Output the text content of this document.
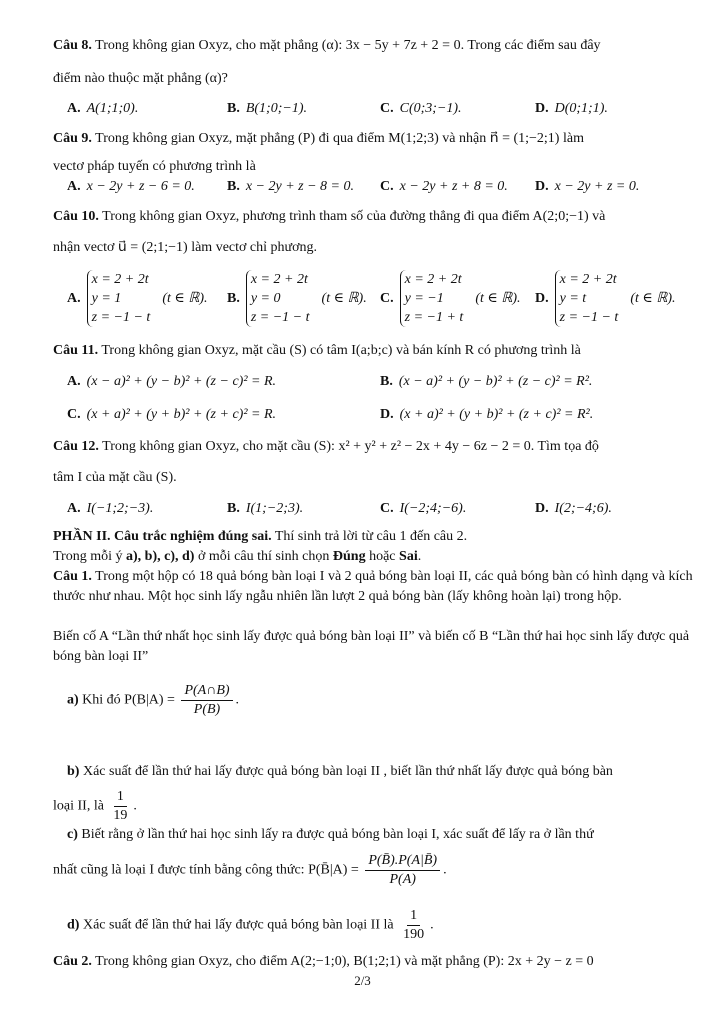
Câu 8. Trong không gian Oxyz, cho mặt phẳng (α): 3x − 5y + 7z + 2 = 0. Trong các điểm sau đây
điểm nào thuộc mặt phẳng (α)?
A. A(1;1;0).	B. B(1;0;−1).	C. C(0;3;−1).	D. D(0;1;1).
Câu 9. Trong không gian Oxyz, mặt phẳng (P) đi qua điểm M(1;2;3) và nhận n⃗ = (1;−2;1) làm
vectơ pháp tuyến có phương trình là
A. x − 2y + z − 6 = 0. B. x − 2y + z − 8 = 0. C. x − 2y + z + 8 = 0. D. x − 2y + z = 0.
Câu 10. Trong không gian Oxyz, phương trình tham số của đường thẳng đi qua điểm A(2;0;−1) và
nhận vectơ u⃗ = (2;1;−1) làm vectơ chỉ phương.
A.
x = 2 + 2t
y = 1
z = −1 − t
(t ∈ ℝ). B.
x = 2 + 2t
y = 0
z = −1 − t
(t ∈ ℝ). C.
x = 2 + 2t
y = −1
z = −1 + t
(t ∈ ℝ). D.
x = 2 + 2t
y = t
z = −1 − t
(t ∈ ℝ).
Câu 11. Trong không gian Oxyz, mặt cầu (S) có tâm I(a;b;c) và bán kính R có phương trình là
A. (x − a)² + (y − b)² + (z − c)² = R.	B. (x − a)² + (y − b)² + (z − c)² = R².
C. (x + a)² + (y + b)² + (z + c)² = R.	D. (x + a)² + (y + b)² + (z + c)² = R².
Câu 12. Trong không gian Oxyz, cho mặt cầu (S): x² + y² + z² − 2x + 4y − 6z − 2 = 0. Tìm tọa độ
tâm I của mặt cầu (S).
A. I(−1;2;−3).	B. I(1;−2;3).	C. I(−2;4;−6).	D. I(2;−4;6).
PHẦN II. Câu trắc nghiệm đúng sai. Thí sinh trả lời từ câu 1 đến câu 2.
Trong mỗi ý a), b), c), d) ở mỗi câu thí sinh chọn Đúng hoặc Sai.
Câu 1. Trong một hộp có 18 quả bóng bàn loại I và 2 quả bóng bàn loại II, các quả bóng bàn có hình dạng và kích thước như nhau. Một học sinh lấy ngẫu nhiên lần lượt 2 quả bóng bàn (lấy không hoàn lại) trong hộp.
Biến cố A “Lần thứ nhất học sinh lấy được quả bóng bàn loại II” và biến cố B “Lần thứ hai học sinh lấy được quả bóng bàn loại II”
a) Khi đó $P(B|A) = \frac{P(A\cap B)}{P(B)}$ .
b) Xác suất để lần thứ hai lấy được quả bóng bàn loại II , biết lần thứ nhất lấy được quả bóng bàn
loại II, là $\frac{1}{19}$ .
c) Biết rằng ở lần thứ hai học sinh lấy ra được quả bóng bàn loại I, xác suất để lấy ra ở lần thứ
nhất cũng là loại I được tính bằng công thức: P(B̄|A) = $\frac{P(B̄).P(A|B̄)}{P(A)}$ .
d) Xác suất để lần thứ hai lấy được quả bóng bàn loại II là $\frac{1}{190}$ .
Câu 2. Trong không gian Oxyz, cho điểm A(2;−1;0), B(1;2;1) và mặt phẳng (P): 2x + 2y − z = 0
2/3
